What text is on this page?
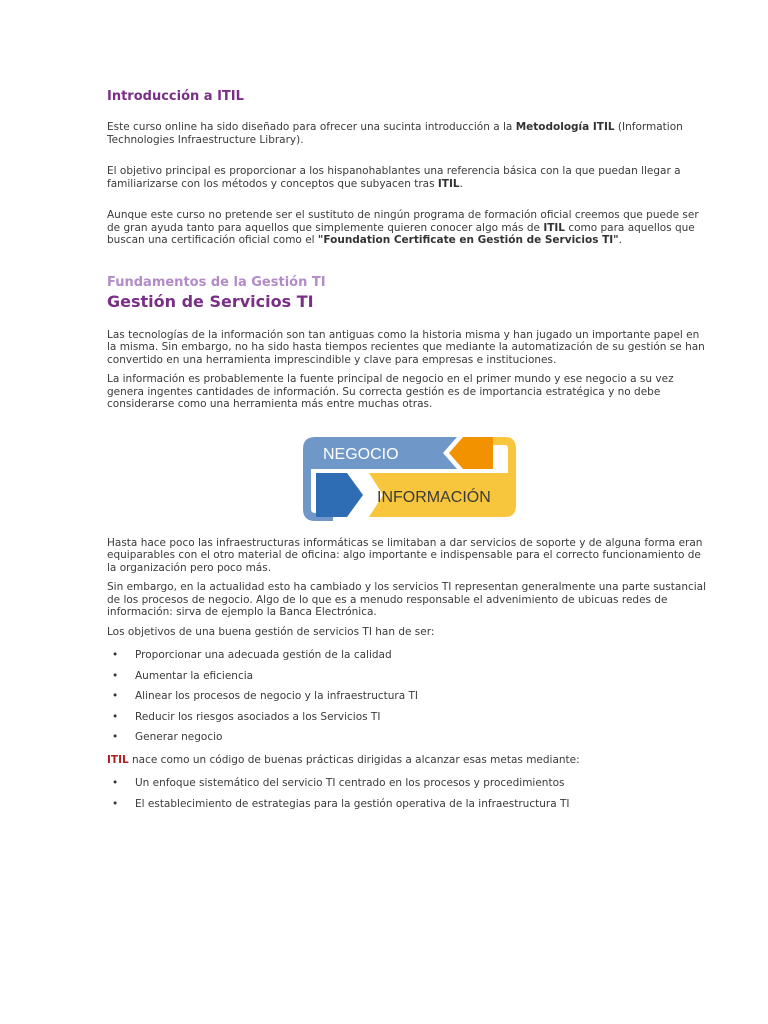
Introducción a ITIL

Este curso online ha sido diseñado para ofrecer una sucinta introducción a la Metodología ITIL (Information Technologies Infraestructure Library).

El objetivo principal es proporcionar a los hispanohablantes una referencia básica con la que puedan llegar a familiarizarse con los métodos y conceptos que subyacen tras ITIL.

Aunque este curso no pretende ser el sustituto de ningún programa de formación oficial creemos que puede ser de gran ayuda tanto para aquellos que simplemente quieren conocer algo más de ITIL como para aquellos que buscan una certificación oficial como el "Foundation Certificate en Gestión de Servicios TI".

Fundamentos de la Gestión TI
Gestión de Servicios TI

Las tecnologías de la información son tan antiguas como la historia misma y han jugado un importante papel en la misma. Sin embargo, no ha sido hasta tiempos recientes que mediante la automatización de su gestión se han convertido en una herramienta imprescindible y clave para empresas e instituciones.

La información es probablemente la fuente principal de negocio en el primer mundo y ese negocio a su vez genera ingentes cantidades de información. Su correcta gestión es de importancia estratégica y no debe considerarse como una herramienta más entre muchas otras.

NEGOCIO
INFORMACIÓN

Hasta hace poco las infraestructuras informáticas se limitaban a dar servicios de soporte y de alguna forma eran equiparables con el otro material de oficina: algo importante e indispensable para el correcto funcionamiento de la organización pero poco más.

Sin embargo, en la actualidad esto ha cambiado y los servicios TI representan generalmente una parte sustancial de los procesos de negocio. Algo de lo que es a menudo responsable el advenimiento de ubicuas redes de información: sirva de ejemplo la Banca Electrónica.

Los objetivos de una buena gestión de servicios TI han de ser:

• Proporcionar una adecuada gestión de la calidad
• Aumentar la eficiencia
• Alinear los procesos de negocio y la infraestructura TI
• Reducir los riesgos asociados a los Servicios TI
• Generar negocio

ITIL nace como un código de buenas prácticas dirigidas a alcanzar esas metas mediante:

• Un enfoque sistemático del servicio TI centrado en los procesos y procedimientos
• El establecimiento de estrategias para la gestión operativa de la infraestructura TI
